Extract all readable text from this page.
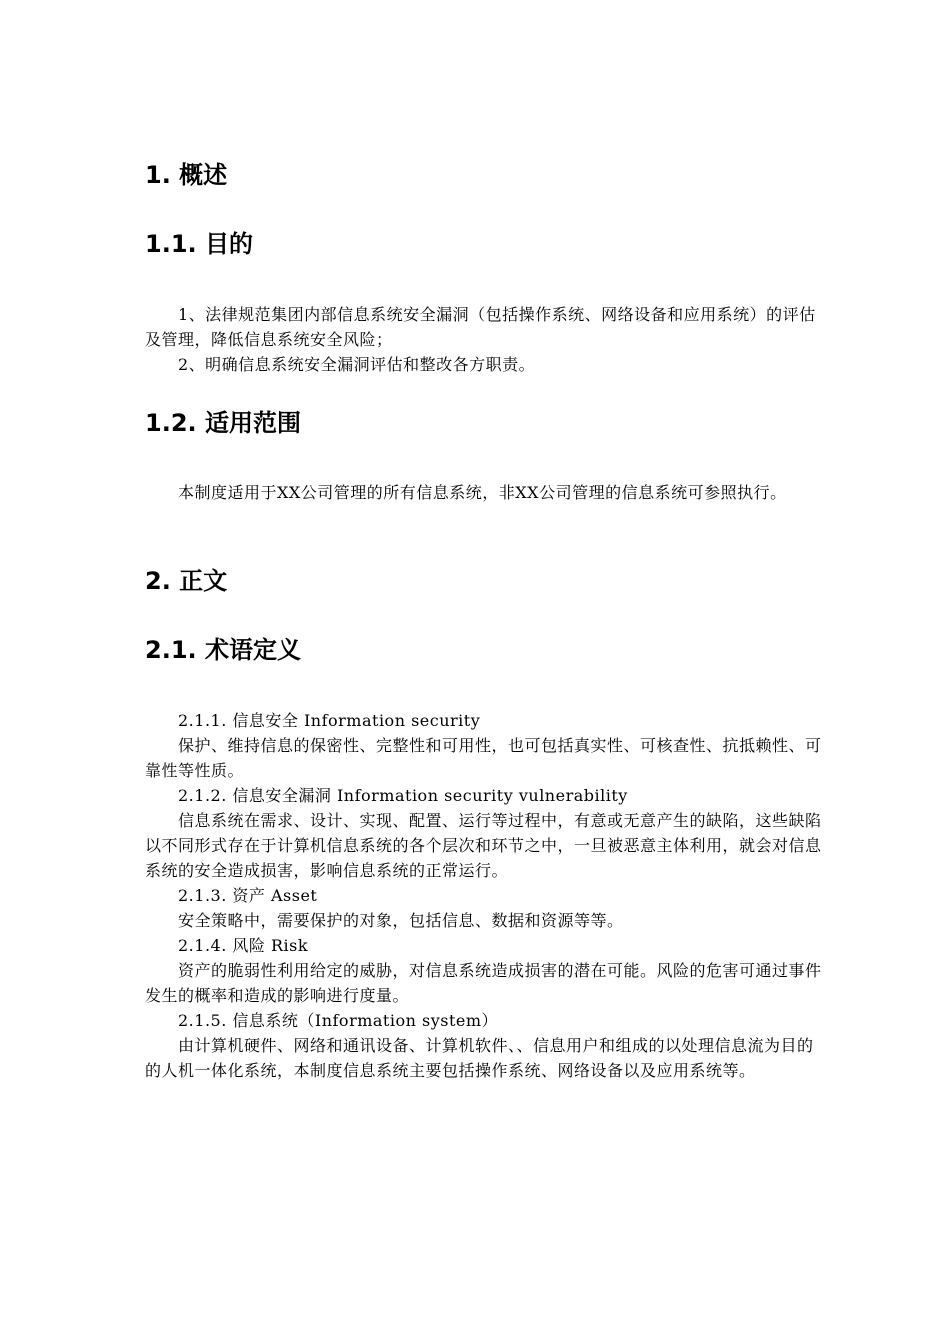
1. 概述
1.1. 目的

1、法律规范集团内部信息系统安全漏洞（包括操作系统、网络设备和应用系统）的评估及管理，降低信息系统安全风险；

2、明确信息系统安全漏洞评估和整改各方职责。

1.2. 适用范围

本制度适用于XX公司管理的所有信息系统，非XX公司管理的信息系统可参照执行。

2. 正文
2.1. 术语定义

2.1.1. 信息安全 Information security

保护、维持信息的保密性、完整性和可用性，也可包括真实性、可核查性、抗抵赖性、可靠性等性质。

2.1.2. 信息安全漏洞 Information security vulnerability

信息系统在需求、设计、实现、配置、运行等过程中，有意或无意产生的缺陷，这些缺陷以不同形式存在于计算机信息系统的各个层次和环节之中，一旦被恶意主体利用，就会对信息系统的安全造成损害，影响信息系统的正常运行。

2.1.3. 资产 Asset

安全策略中，需要保护的对象，包括信息、数据和资源等等。

2.1.4. 风险 Risk

资产的脆弱性利用给定的威胁，对信息系统造成损害的潜在可能。风险的危害可通过事件发生的概率和造成的影响进行度量。

2.1.5. 信息系统（Information system）

由计算机硬件、网络和通讯设备、计算机软件、、信息用户和组成的以处理信息流为目的的人机一体化系统，本制度信息系统主要包括操作系统、网络设备以及应用系统等。
